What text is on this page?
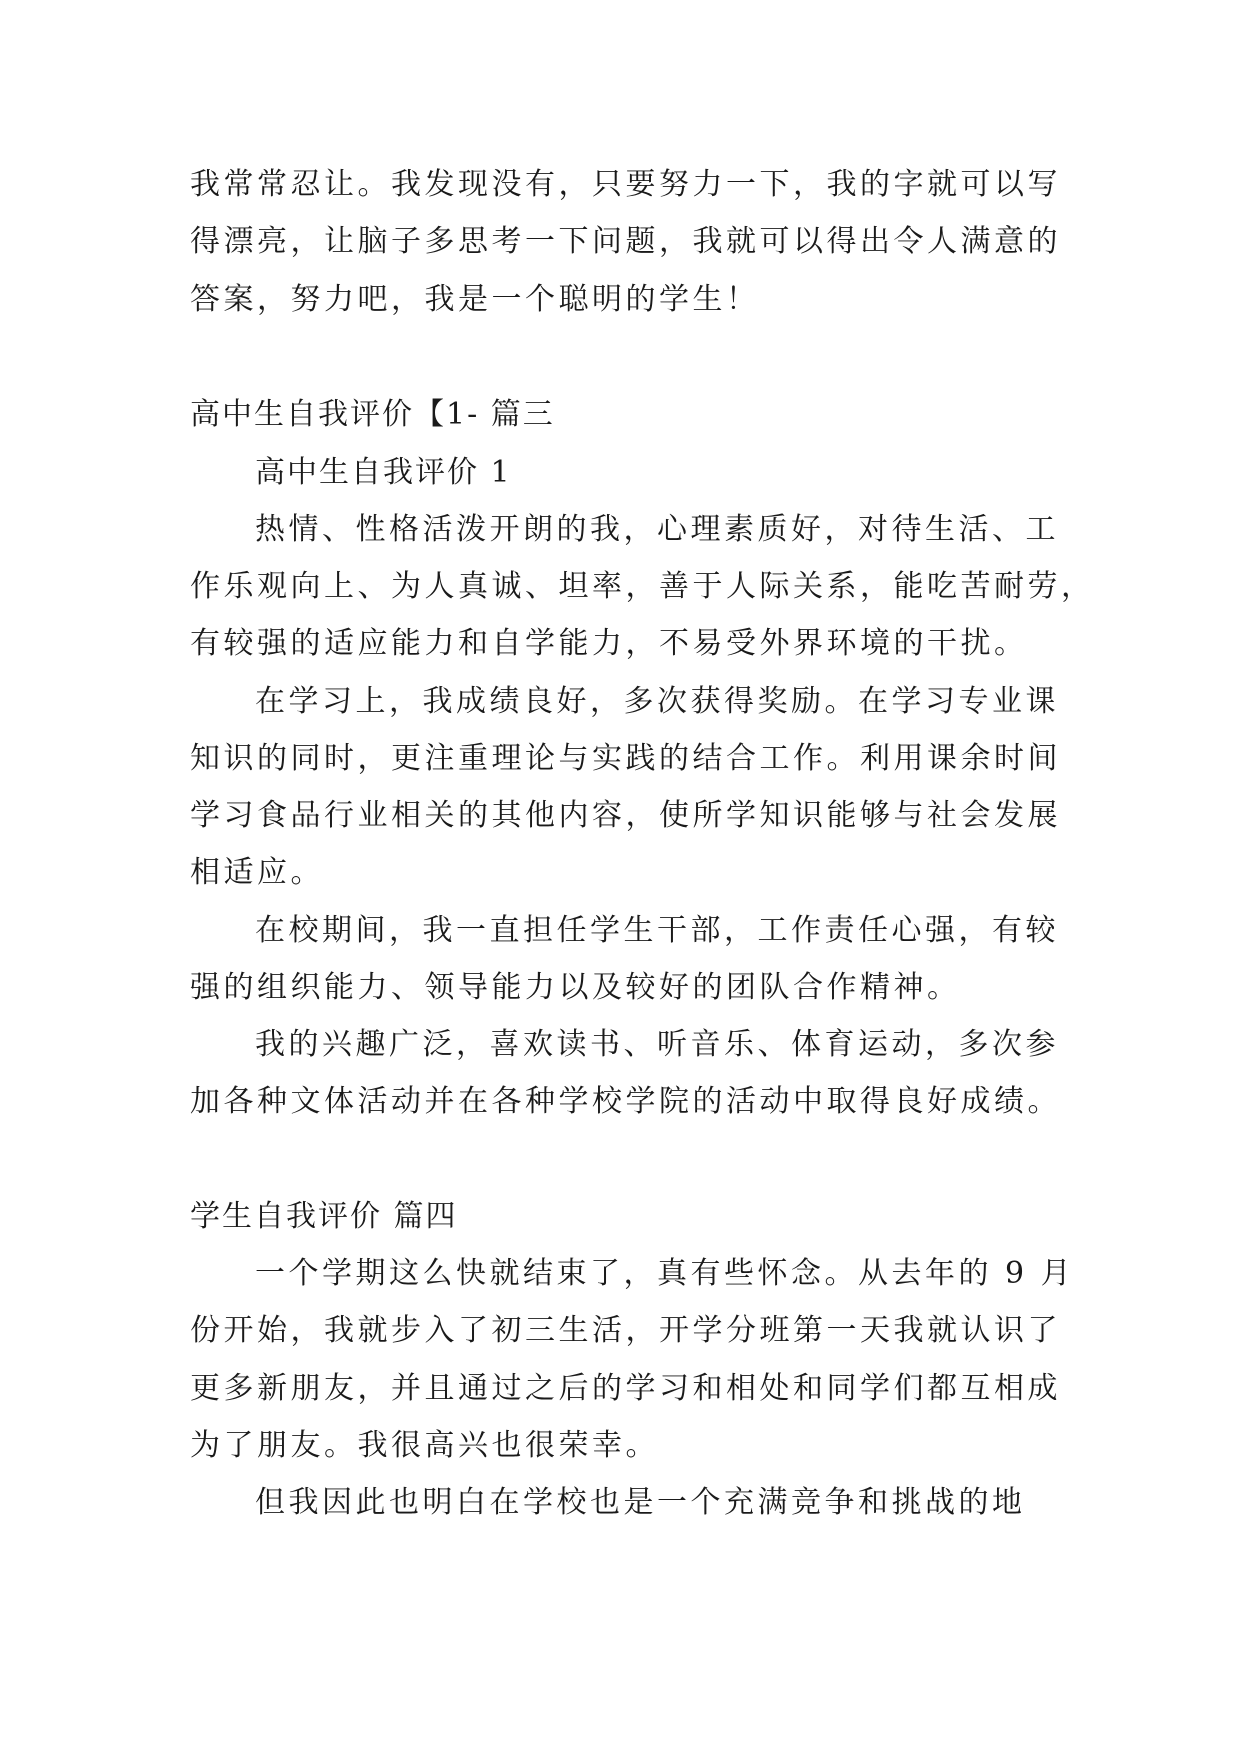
我常常忍让。我发现没有，只要努力一下，我的字就可以写
得漂亮，让脑子多思考一下问题，我就可以得出令人满意的
答案，努力吧，我是一个聪明的学生！
高中生自我评价【1- 篇三
高中生自我评价 1
热情、性格活泼开朗的我，心理素质好，对待生活、工
作乐观向上、为人真诚、坦率，善于人际关系，能吃苦耐劳，
有较强的适应能力和自学能力，不易受外界环境的干扰。
在学习上，我成绩良好，多次获得奖励。在学习专业课
知识的同时，更注重理论与实践的结合工作。利用课余时间
学习食品行业相关的其他内容，使所学知识能够与社会发展
相适应。
在校期间，我一直担任学生干部，工作责任心强，有较
强的组织能力、领导能力以及较好的团队合作精神。
我的兴趣广泛，喜欢读书、听音乐、体育运动，多次参
加各种文体活动并在各种学校学院的活动中取得良好成绩。
学生自我评价 篇四
一个学期这么快就结束了，真有些怀念。从去年的 9 月
份开始，我就步入了初三生活，开学分班第一天我就认识了
更多新朋友，并且通过之后的学习和相处和同学们都互相成
为了朋友。我很高兴也很荣幸。
但我因此也明白在学校也是一个充满竞争和挑战的地
